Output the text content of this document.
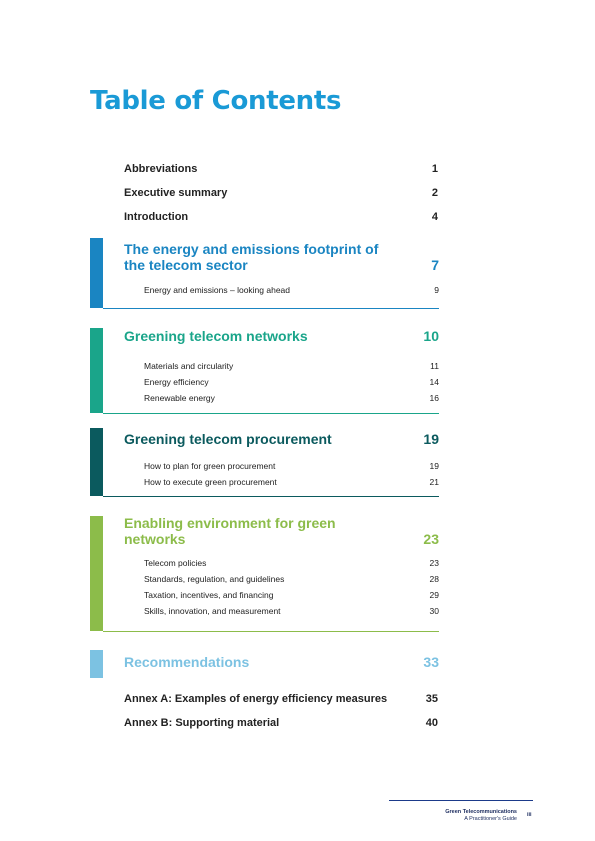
Table of Contents
Abbreviations	1
Executive summary	2
Introduction	4
The energy and emissions footprint of the telecom sector	7
Energy and emissions – looking ahead	9
Greening telecom networks	10
Materials and circularity	11
Energy efficiency	14
Renewable energy	16
Greening telecom procurement	19
How to plan for green procurement	19
How to execute green procurement	21
Enabling environment for green networks	23
Telecom policies	23
Standards, regulation, and guidelines	28
Taxation, incentives, and financing	29
Skills, innovation, and measurement	30
Recommendations	33
Annex A: Examples of energy efficiency measures	35
Annex B: Supporting material	40
Green Telecommunications
A Practitioner's Guide
iii
